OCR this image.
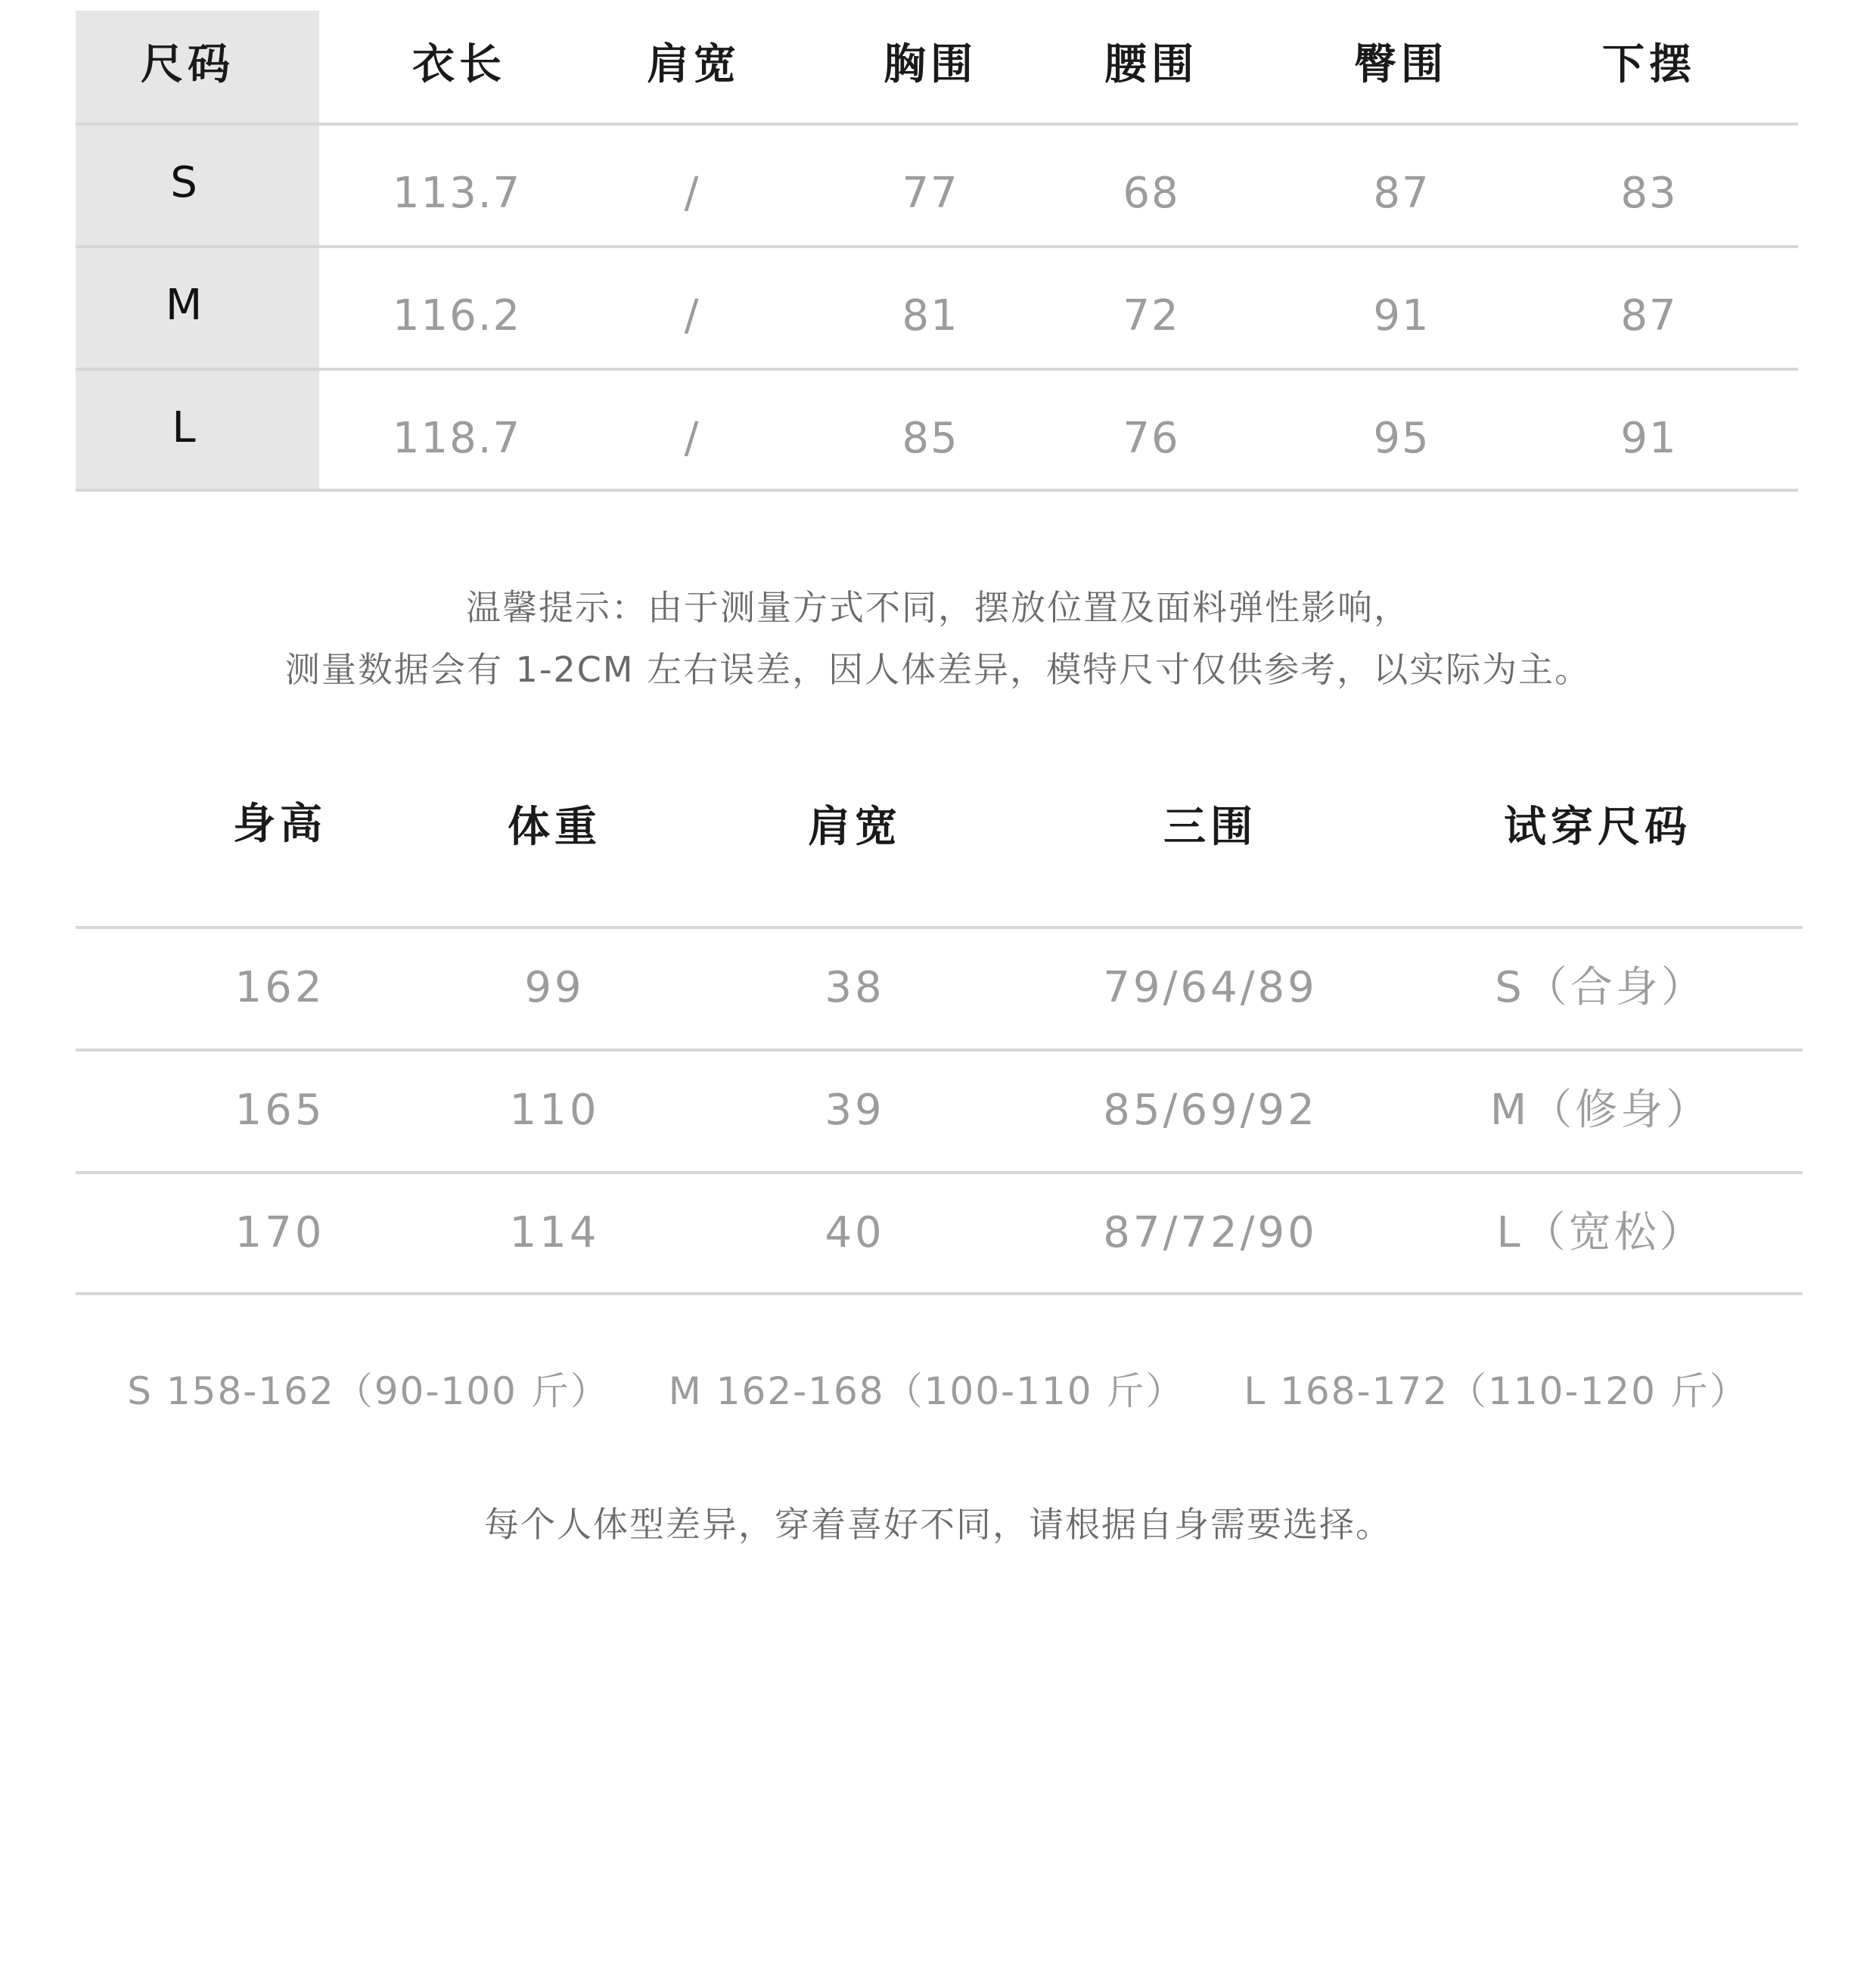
尺码	衣长	肩宽	胸围	腰围	臀围	下摆
S	113.7	/	77	68	87	83
M	116.2	/	81	72	91	87
L	118.7	/	85	76	95	91
温馨提示：由于测量方式不同，摆放位置及面料弹性影响，
测量数据会有 1-2CM 左右误差，因人体差异，模特尺寸仅供参考，以实际为主。
身高	体重	肩宽	三围	试穿尺码
162	99	38	79/64/89	S（合身）
165	110	39	85/69/92	M（修身）
170	114	40	87/72/90	L（宽松）
S 158-162（90-100 斤） M 162-168（100-110 斤） L 168-172（110-120 斤）
每个人体型差异，穿着喜好不同，请根据自身需要选择。
